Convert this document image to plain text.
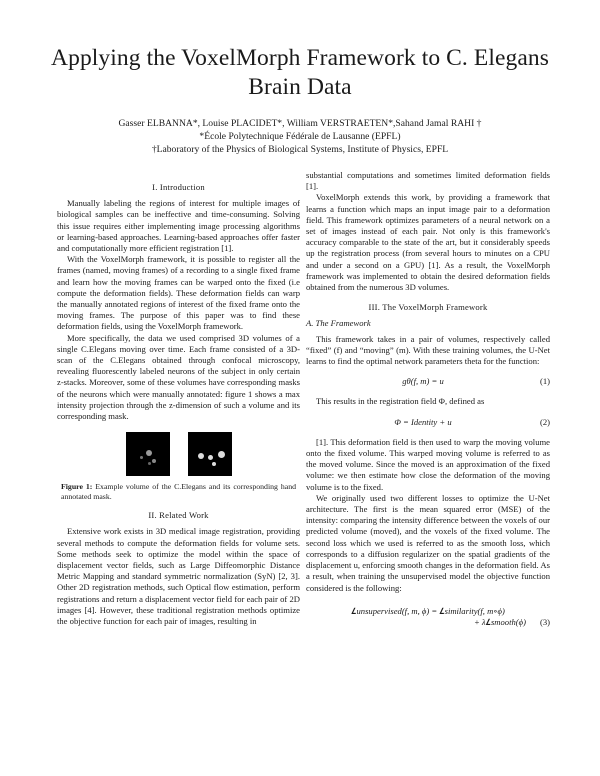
Applying the VoxelMorph Framework to C. Elegans Brain Data
Gasser ELBANNA*, Louise PLACIDET*, William VERSTRAETEN*,Sahand Jamal RAHI †
*École Polytechnique Fédérale de Lausanne (EPFL)
†Laboratory of the Physics of Biological Systems, Institute of Physics, EPFL
I. Introduction

Manually labeling the regions of interest for multiple images of biological samples can be ineffective and time-consuming. Solving this issue requires either implementing image processing algorithms or learning-based approaches. Learning-based approaches offer faster and computationally more efficient registration [1].

With the VoxelMorph framework, it is possible to register all the frames (named, moving frames) of a recording to a single fixed frame and learn how the moving frames can be warped onto the fixed (i.e compute the deformation fields). These deformation fields can warp the manually annotated regions of interest of the fixed frame onto the moving frames. The purpose of this paper was to find these deformation fields, using the VoxelMorph framework.

More specifically, the data we used comprised 3D volumes of a single C.Elegans moving over time. Each frame consisted of a 3D-scan of the C.Elegans obtained through confocal microscopy, revealing fluorescently labeled neurons of the subject in only certain z-stacks. Moreover, some of these volumes have corresponding masks of the neurons which were manually annotated: figure 1 shows a max intensity projection through the z-dimension of such a volume and its corresponding mask.

Figure 1: Example volume of the C.Elegans and its corresponding hand annotated mask.
II. Related Work

Extensive work exists in 3D medical image registration, providing several methods to compute the deformation fields for volume sets. Some methods seek to optimize the model within the space of displacement vector fields, such as Large Diffeomorphic Distance Metric Mapping and standard symmetric normalization (SyN) [2, 3]. Other 2D registration methods, such Optical flow estimation, perform registrations and return a displacement vector field for each pair of 2D images [4]. However, these traditional registration methods optimize the objective function for each pair of images, resulting in

substantial computations and sometimes limited deformation fields [1].

VoxelMorph extends this work, by providing a framework that learns a function which maps an input image pair to a deformation field. This framework optimizes parameters of a neural network on a set of images instead of each pair. Not only is this framework's accuracy comparable to the state of the art, but it considerably speeds up the registration process (from several hours to minutes on a CPU and under a second on a GPU) [1]. As a result, the VoxelMorph framework was implemented to obtain the desired deformation fields obtained from the numerous 3D volumes.

III. The VoxelMorph Framework
A. The Framework

This framework takes in a pair of volumes, respectively called “fixed” (f) and “moving” (m). With these training volumes, the U-Net learns to find the optimal network parameters theta for the function:

gθ(f, m) = u	(1)

This results in the registration field Φ, defined as

Φ = Identity + u	(2)

[1]. This deformation field is then used to warp the moving volume onto the fixed volume. This warped moving volume is referred to as the moved volume. Since the moved is an approximation of the fixed volume: we then estimate how close the deformation of the moving volume is to the fixed.

We originally used two different losses to optimize the U-Net architecture. The first is the mean squared error (MSE) of the intensity: comparing the intensity difference between the voxels of our predicted volume (moved), and the voxels of the fixed volume. The second loss which we used is referred to as the smooth loss, which corresponds to a diffusion regularizer on the spatial gradients of the displacement u, enforcing smooth changes in the deformation field. As a result, when training the unsupervised model the objective function considered is the following:

𝑳unsupervised(f, m, ϕ) = 𝑳similarity(f, m∘ϕ)
+ λ𝑳smooth(ϕ) (3)
